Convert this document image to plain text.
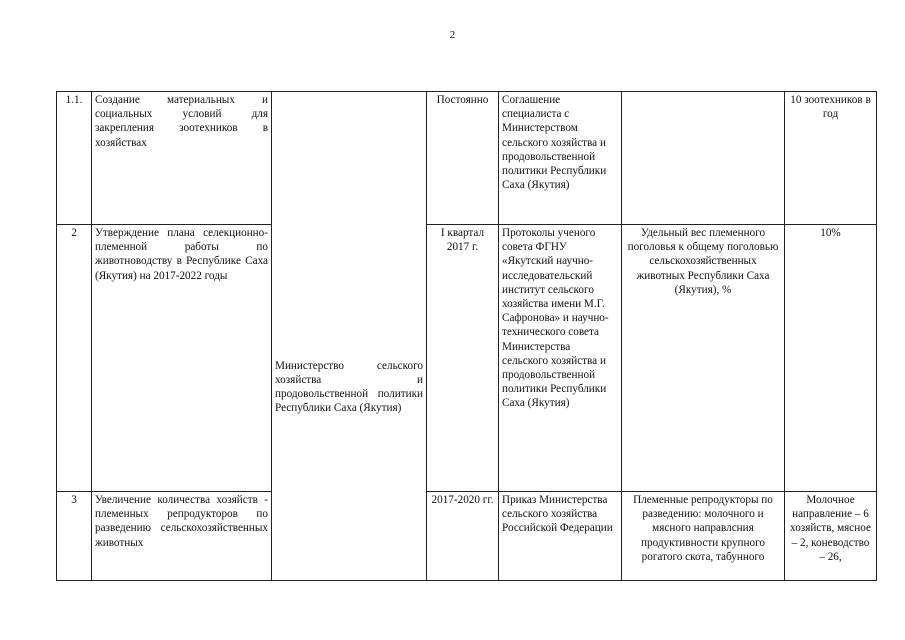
2
1.1.	Создание материальных и социальных условий для закрепления зоотехников в хозяйствах	Министерство сельского хозяйства и продовольственной политики Республики Саха (Якутия)	Постоянно	Соглашение специалиста с Министерством сельского хозяйства и продовольственной политики Республики Саха (Якутия)		10 зоотехников в год
2	Утверждение плана селекционно-племенной работы по животноводству в Республике Саха (Якутия) на 2017-2022 годы		I квартал 2017 г.	Протоколы ученого совета ФГНУ «Якутский научно-исследовательский институт сельского хозяйства имени М.Г. Сафронова» и научно-технического совета Министерства сельского хозяйства и продовольственной политики Республики Саха (Якутия)	Удельный вес племенного поголовья к общему поголовью сельскохозяйственных животных Республики Саха (Якутия), %	10%
3	Увеличение количества хозяйств - племенных репродукторов по разведению сельскохозяйственных животных		2017-2020 гг.	Приказ Министерства сельского хозяйства Российской Федерации	Племенные репродукторы по разведению: молочного и мясного направлсния продуктивности крупного рогатого скота, табунного	Молочное направление – 6 хозяйств, мясное – 2, коневодство – 26,
